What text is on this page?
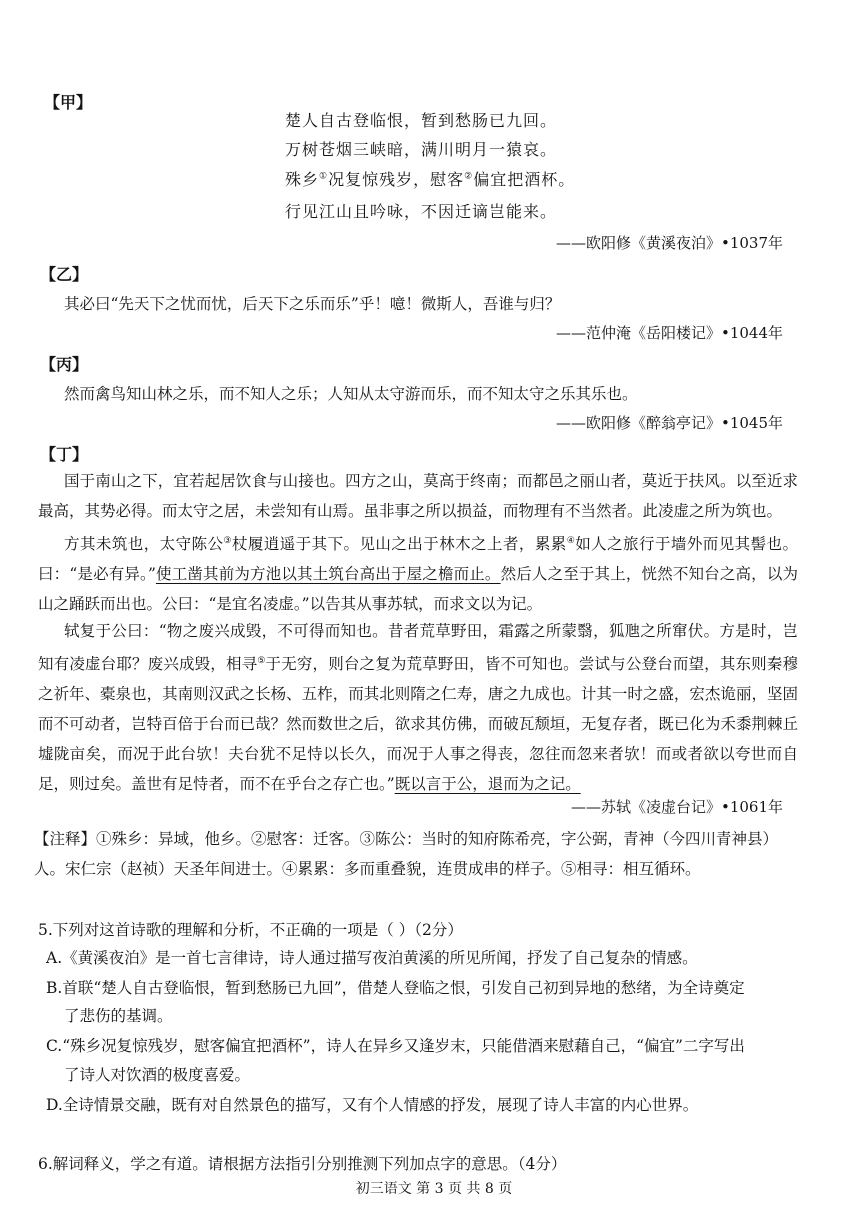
【甲】
楚人自古登临恨，暂到愁肠已九回。
万树苍烟三峡暗，满川明月一猿哀。
殊乡①况复惊残岁，慰客②偏宜把酒杯。
行见江山且吟咏，不因迁谪岂能来。
——欧阳修《黄溪夜泊》•1037年
【乙】
其必曰“先天下之忧而忧，后天下之乐而乐”乎！噫！微斯人，吾谁与归？
——范仲淹《岳阳楼记》•1044年
【丙】
然而禽鸟知山林之乐，而不知人之乐；人知从太守游而乐，而不知太守之乐其乐也。
——欧阳修《醉翁亭记》•1045年
【丁】
国于南山之下，宜若起居饮食与山接也。四方之山，莫高于终南；而都邑之丽山者，莫近于扶风。以至近求最高，其势必得。而太守之居，未尝知有山焉。虽非事之所以损益，而物理有不当然者。此凌虚之所为筑也。
方其未筑也，太守陈公③杖履逍遥于其下。见山之出于林木之上者，累累④如人之旅行于墙外而见其髻也。曰：“是必有异。”使工凿其前为方池以其土筑台高出于屋之檐而止。然后人之至于其上，恍然不知台之高，以为山之踊跃而出也。公曰：“是宜名凌虚。”以告其从事苏轼，而求文以为记。
轼复于公曰：“物之废兴成毁，不可得而知也。昔者荒草野田，霜露之所蒙翳，狐虺之所窜伏。方是时，岂知有凌虚台耶？废兴成毁，相寻⑤于无穷，则台之复为荒草野田，皆不可知也。尝试与公登台而望，其东则秦穆之祈年、橐泉也，其南则汉武之长杨、五柞，而其北则隋之仁寿，唐之九成也。计其一时之盛，宏杰诡丽，坚固而不可动者，岂特百倍于台而已哉？然而数世之后，欲求其仿佛，而破瓦颓垣，无复存者，既已化为禾黍荆棘丘墟陇亩矣，而况于此台欤！夫台犹不足恃以长久，而况于人事之得丧，忽往而忽来者欤！而或者欲以夸世而自足，则过矣。盖世有足恃者，而不在乎台之存亡也。”既以言于公，退而为之记。
——苏轼《凌虚台记》•1061年
【注释】①殊乡：异域，他乡。②慰客：迁客。③陈公：当时的知府陈希亮，字公弼，青神（今四川青神县）
人。宋仁宗（赵祯）天圣年间进士。④累累：多而重叠貌，连贯成串的样子。⑤相寻：相互循环。
5.下列对这首诗歌的理解和分析，不正确的一项是（ ）（2分）
A.《黄溪夜泊》是一首七言律诗，诗人通过描写夜泊黄溪的所见所闻，抒发了自己复杂的情感。
B.首联“楚人自古登临恨，暂到愁肠已九回”，借楚人登临之恨，引发自己初到异地的愁绪，为全诗奠定
了悲伤的基调。
C.“殊乡况复惊残岁，慰客偏宜把酒杯”，诗人在异乡又逢岁末，只能借酒来慰藉自己，“偏宜”二字写出
了诗人对饮酒的极度喜爱。
D.全诗情景交融，既有对自然景色的描写，又有个人情感的抒发，展现了诗人丰富的内心世界。
6.解词释义，学之有道。请根据方法指引分别推测下列加点字的意思。（4分）
初三语文 第 3 页 共 8 页
